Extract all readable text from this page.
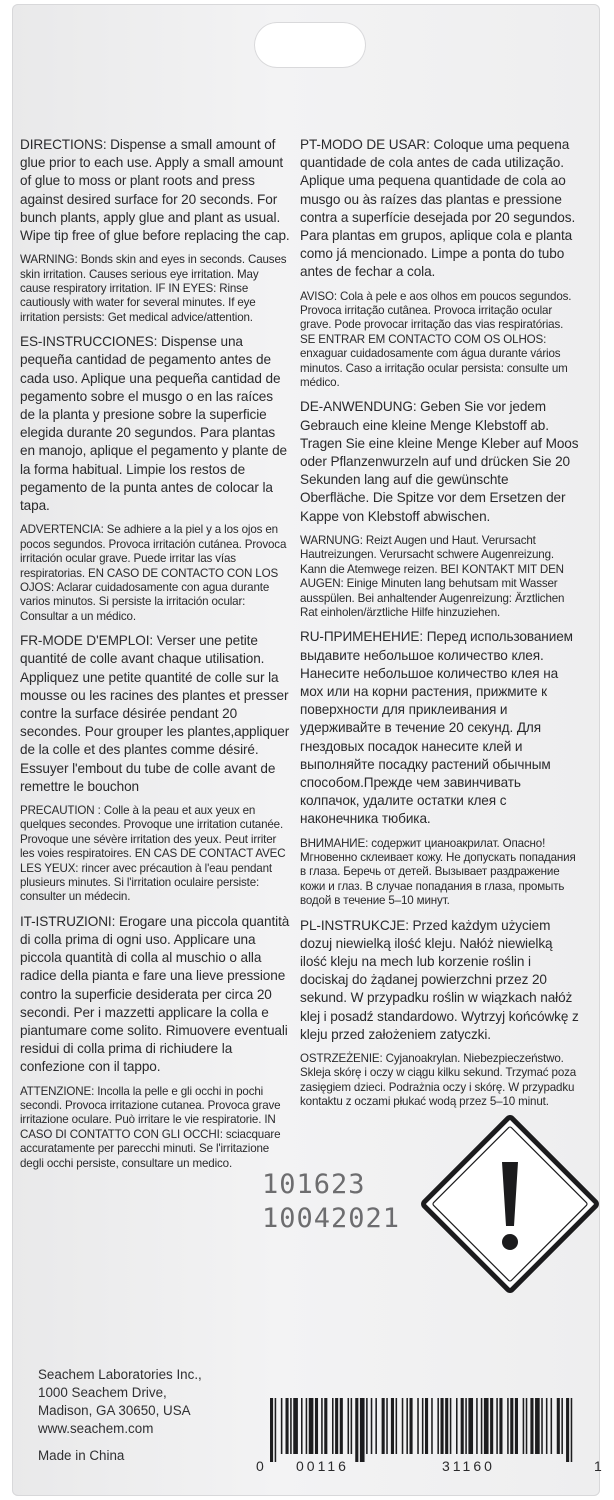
DIRECTIONS: Dispense a small amount of glue prior to each use. Apply a small amount of glue to moss or plant roots and press against desired surface for 20 seconds. For bunch plants, apply glue and plant as usual. Wipe tip free of glue before replacing the cap.

WARNING: Bonds skin and eyes in seconds. Causes skin irritation. Causes serious eye irritation. May cause respiratory irritation. IF IN EYES: Rinse cautiously with water for several minutes. If eye irritation persists: Get medical advice/attention.

ES-INSTRUCCIONES: Dispense una pequeña cantidad de pegamento antes de cada uso. Aplique una pequeña cantidad de pegamento sobre el musgo o en las raíces de la planta y presione sobre la superficie elegida durante 20 segundos. Para plantas en manojo, aplique el pegamento y plante de la forma habitual. Limpie los restos de pegamento de la punta antes de colocar la tapa.

ADVERTENCIA: Se adhiere a la piel y a los ojos en pocos segundos. Provoca irritación cutánea. Provoca irritación ocular grave. Puede irritar las vías respiratorias. EN CASO DE CONTACTO CON LOS OJOS: Aclarar cuidadosamente con agua durante varios minutos. Si persiste la irritación ocular: Consultar a un médico.

FR-MODE D'EMPLOI: Verser une petite quantité de colle avant chaque utilisation. Appliquez une petite quantité de colle sur la mousse ou les racines des plantes et presser contre la surface désirée pendant 20 secondes. Pour grouper les plantes,appliquer de la colle et des plantes comme désiré. Essuyer l'embout du tube de colle avant de remettre le bouchon

PRECAUTION : Colle à la peau et aux yeux en quelques secondes. Provoque une irritation cutanée. Provoque une sévère irritation des yeux. Peut irriter les voies respiratoires. EN CAS DE CONTACT AVEC LES YEUX: rincer avec précaution à l'eau pendant plusieurs minutes. Si l'irritation oculaire persiste: consulter un médecin.

IT-ISTRUZIONI: Erogare una piccola quantità di colla prima di ogni uso. Applicare una piccola quantità di colla al muschio o alla radice della pianta e fare una lieve pressione contro la superficie desiderata per circa 20 secondi. Per i mazzetti applicare la colla e piantumare come solito. Rimuovere eventuali residui di colla prima di richiudere la confezione con il tappo.

ATTENZIONE: Incolla la pelle e gli occhi in pochi secondi. Provoca irritazione cutanea. Provoca grave irritazione oculare. Può irritare le vie respiratorie. IN CASO DI CONTATTO CON GLI OCCHI: sciacquare accuratamente per parecchi minuti. Se l'irritazione degli occhi persiste, consultare un medico.

PT-MODO DE USAR: Coloque uma pequena quantidade de cola antes de cada utilização. Aplique uma pequena quantidade de cola ao musgo ou às raízes das plantas e pressione contra a superfície desejada por 20 segundos. Para plantas em grupos, aplique cola e planta como já mencionado. Limpe a ponta do tubo antes de fechar a cola.

AVISO: Cola à pele e aos olhos em poucos segundos. Provoca irritação cutânea. Provoca irritação ocular grave. Pode provocar irritação das vias respiratórias. SE ENTRAR EM CONTACTO COM OS OLHOS: enxaguar cuidadosamente com água durante vários minutos. Caso a irritação ocular persista: consulte um médico.

DE-ANWENDUNG: Geben Sie vor jedem Gebrauch eine kleine Menge Klebstoff ab. Tragen Sie eine kleine Menge Kleber auf Moos oder Pflanzenwurzeln auf und drücken Sie 20 Sekunden lang auf die gewünschte Oberfläche. Die Spitze vor dem Ersetzen der Kappe von Klebstoff abwischen.

WARNUNG: Reizt Augen und Haut. Verursacht Hautreizungen. Verursacht schwere Augenreizung. Kann die Atemwege reizen. BEI KONTAKT MIT DEN AUGEN: Einige Minuten lang behutsam mit Wasser ausspülen. Bei anhaltender Augenreizung: Ärztlichen Rat einholen/ärztliche Hilfe hinzuziehen.

RU-ПРИМЕНЕНИЕ: Перед использованием выдавите небольшое количество клея. Нанесите небольшое количество клея на мох или на корни растения, прижмите к поверхности для приклеивания и удерживайте в течение 20 секунд. Для гнездовых посадок нанесите клей и выполняйте посадку растений обычным способом.Прежде чем завинчивать колпачок, удалите остатки клея с наконечника тюбика.

ВНИМАНИЕ: содержит цианоакрилат. Опасно! Мгновенно склеивает кожу. Не допускать попадания в глаза. Беречь от детей. Вызывает раздражение кожи и глаз. В случае попадания в глаза, промыть водой в течение 5–10 минут.

PL-INSTRUKCJE: Przed każdym użyciem dozuj niewielką ilość kleju. Nałóż niewielką ilość kleju na mech lub korzenie roślin i dociskaj do żądanej powierzchni przez 20 sekund. W przypadku roślin w wiązkach nałóż klej i posadź standardowo. Wytrzyj końcówkę z kleju przed założeniem zatyczki.

OSTRZEŻENIE: Cyjanoakrylan. Niebezpieczeństwo. Skleja skórę i oczy w ciągu kilku sekund. Trzymać poza zasięgiem dzieci. Podrażnia oczy i skórę. W przypadku kontaktu z oczami płukać wodą przez 5–10 minut.

101623
10042021
Seachem Laboratories Inc.,
1000 Seachem Drive,
Madison, GA 30650, USA
www.seachem.com
Made in China
0 00116	31160	1
